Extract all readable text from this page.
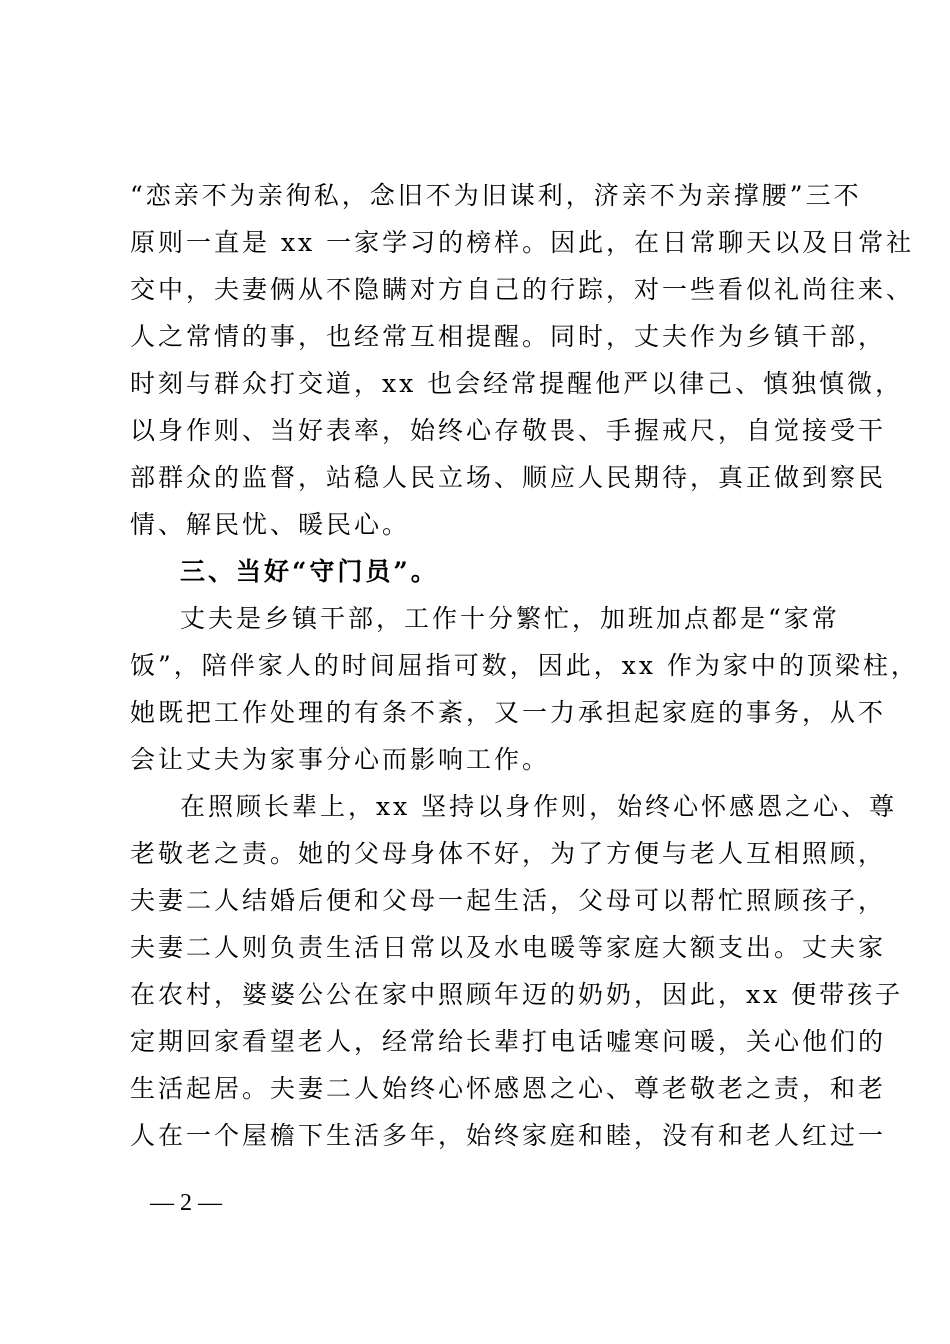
“恋亲不为亲徇私，念旧不为旧谋利，济亲不为亲撑腰”三不
原则一直是 xx 一家学习的榜样。因此，在日常聊天以及日常社
交中，夫妻俩从不隐瞒对方自己的行踪，对一些看似礼尚往来、
人之常情的事，也经常互相提醒。同时，丈夫作为乡镇干部，
时刻与群众打交道，xx 也会经常提醒他严以律己、慎独慎微，
以身作则、当好表率，始终心存敬畏、手握戒尺，自觉接受干
部群众的监督，站稳人民立场、顺应人民期待，真正做到察民
情、解民忧、暖民心。
三、当好“守门员”。
丈夫是乡镇干部，工作十分繁忙，加班加点都是“家常
饭”，陪伴家人的时间屈指可数，因此，xx 作为家中的顶梁柱，
她既把工作处理的有条不紊，又一力承担起家庭的事务，从不
会让丈夫为家事分心而影响工作。
在照顾长辈上，xx 坚持以身作则，始终心怀感恩之心、尊
老敬老之责。她的父母身体不好，为了方便与老人互相照顾，
夫妻二人结婚后便和父母一起生活，父母可以帮忙照顾孩子，
夫妻二人则负责生活日常以及水电暖等家庭大额支出。丈夫家
在农村，婆婆公公在家中照顾年迈的奶奶，因此，xx 便带孩子
定期回家看望老人，经常给长辈打电话嘘寒问暖，关心他们的
生活起居。夫妻二人始终心怀感恩之心、尊老敬老之责，和老
人在一个屋檐下生活多年，始终家庭和睦，没有和老人红过一
— 2 —
